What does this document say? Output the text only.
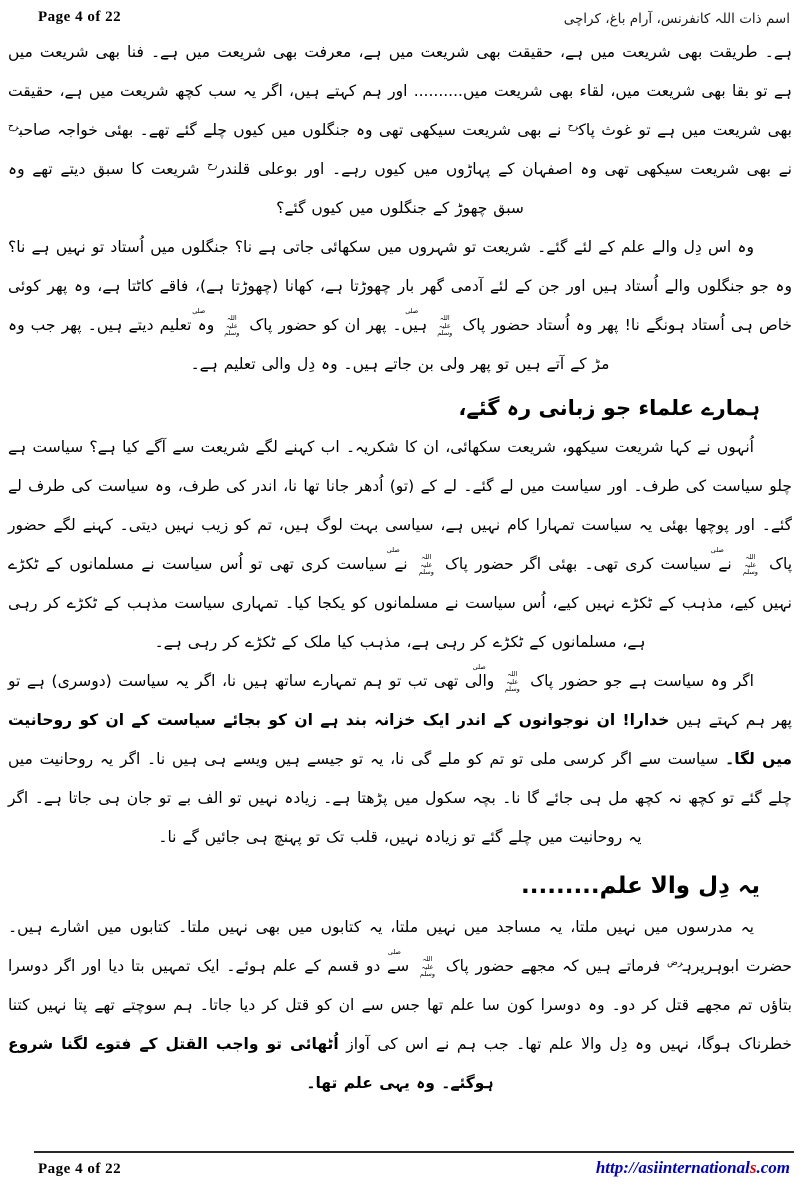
Page 4 of 22	اسم ذات اللہ کانفرنس، آرام باغ، کراچی

ہے۔ طریقت بھی شریعت میں ہے، حقیقت بھی شریعت میں ہے، معرفت بھی شریعت میں ہے۔ فنا بھی شریعت میں ہے تو بقا بھی شریعت میں، لقاء بھی شریعت میں.......... اور ہم کہتے ہیں، اگر یہ سب کچھ شریعت میں ہے، حقیقت بھی شریعت میں ہے تو غوث پاک$^{رح}$ نے بھی شریعت سیکھی تھی وہ جنگلوں میں کیوں چلے گئے تھے۔ بھئی خواجہ صاحب$^{رح}$ نے بھی شریعت سیکھی تھی وہ اصفہان کے پہاڑوں میں کیوں رہے۔ اور بوعلی قلندر$^{رح}$ شریعت کا سبق دیتے تھے وہ سبق چھوڑ کے جنگلوں میں کیوں گئے؟

وہ اس دِل والے علم کے لئے گئے۔ شریعت تو شہروں میں سکھائی جاتی ہے نا؟ جنگلوں میں اُستاد تو نہیں ہے نا؟ وہ جو جنگلوں والے اُستاد ہیں اور جن کے لئے آدمی گھر بار چھوڑتا ہے، کھانا (چھوڑتا ہے)، فاقے کاٹتا ہے، وہ پھر کوئی خاص ہی اُستاد ہونگے نا! پھر وہ اُستاد حضور پاک صلی اللہ علیہ وسلم ہیں۔ پھر ان کو حضور پاک صلی اللہ علیہ وسلم وہ تعلیم دیتے ہیں۔ پھر جب وہ مڑ کے آتے ہیں تو پھر ولی بن جاتے ہیں۔ وہ دِل والی تعلیم ہے۔

ہمارے علماء جو زبانی رہ گئے،

اُنہوں نے کہا شریعت سیکھو، شریعت سکھائی، ان کا شکریہ۔ اب کہنے لگے شریعت سے آگے کیا ہے؟ سیاست ہے چلو سیاست کی طرف۔ اور سیاست میں لے گئے۔ لے کے (تو) اُدھر جانا تھا نا، اندر کی طرف، وہ سیاست کی طرف لے گئے۔ اور پوچھا بھئی یہ سیاست تمہارا کام نہیں ہے، سیاسی بہت لوگ ہیں، تم کو زیب نہیں دیتی۔ کہنے لگے حضور پاک صلی اللہ علیہ وسلم نے سیاست کری تھی۔ بھئی اگر حضور پاک صلی اللہ علیہ وسلم نے سیاست کری تھی تو اُس سیاست نے مسلمانوں کے ٹکڑے نہیں کیے، مذہب کے ٹکڑے نہیں کیے، اُس سیاست نے مسلمانوں کو یکجا کیا۔ تمہاری سیاست مذہب کے ٹکڑے کر رہی ہے، مسلمانوں کے ٹکڑے کر رہی ہے، مذہب کیا ملک کے ٹکڑے کر رہی ہے۔

اگر وہ سیاست ہے جو حضور پاک صلی اللہ علیہ وسلم والی تھی تب تو ہم تمہارے ساتھ ہیں نا، اگر یہ سیاست (دوسری) ہے تو پھر ہم کہتے ہیں خدارا! ان نوجوانوں کے اندر ایک خزانہ بند ہے ان کو بجائے سیاست کے ان کو روحانیت میں لگا۔ سیاست سے اگر کرسی ملی تو تم کو ملے گی نا، یہ تو جیسے ہیں ویسے ہی ہیں نا۔ اگر یہ روحانیت میں چلے گئے تو کچھ نہ کچھ مل ہی جائے گا نا۔ بچہ سکول میں پڑھتا ہے۔ زیادہ نہیں تو الف بے تو جان ہی جاتا ہے۔ اگر یہ روحانیت میں چلے گئے تو زیادہ نہیں، قلب تک تو پہنچ ہی جائیں گے نا۔

یہ دِل والا علم.........

یہ مدرسوں میں نہیں ملتا، یہ مساجد میں نہیں ملتا، یہ کتابوں میں بھی نہیں ملتا۔ کتابوں میں اشارے ہیں۔ حضرت ابوہریرہ$^{رض}$ فرماتے ہیں کہ مجھے حضور پاک صلی اللہ علیہ وسلم سے دو قسم کے علم ہوئے۔ ایک تمہیں بتا دیا اور اگر دوسرا بتاؤں تم مجھے قتل کر دو۔ وہ دوسرا کون سا علم تھا جس سے ان کو قتل کر دیا جاتا۔ ہم سوچتے تھے پتا نہیں کتنا خطرناک ہوگا، نہیں وہ دِل والا علم تھا۔ جب ہم نے اس کی آواز اُٹھائی تو واجب القتل کے فتوے لگنا شروع ہوگئے۔ وہ یہی علم تھا۔

Page 4 of 22	http://asiinternationals.com
